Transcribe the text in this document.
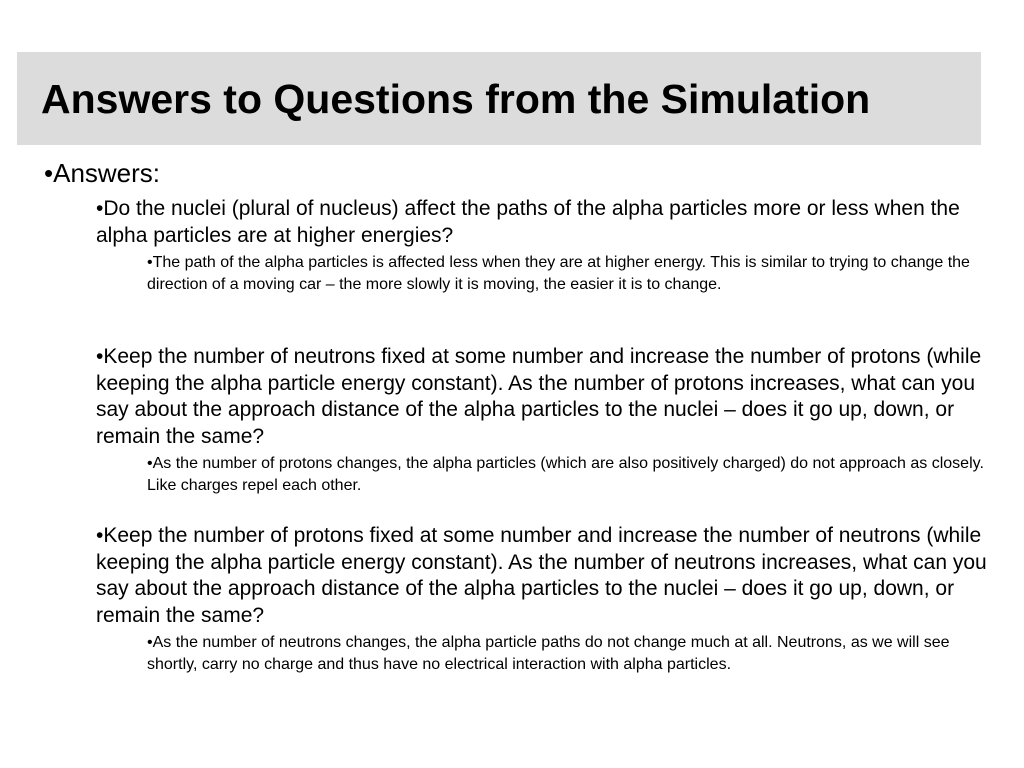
Answers to Questions from the Simulation

•Answers:

•Do the nuclei (plural of nucleus) affect the paths of the alpha particles more or less when the alpha particles are at higher energies?

•The path of the alpha particles is affected less when they are at higher energy. This is similar to trying to change the direction of a moving car – the more slowly it is moving, the easier it is to change.

•Keep the number of neutrons fixed at some number and increase the number of protons (while keeping the alpha particle energy constant). As the number of protons increases, what can you say about the approach distance of the alpha particles to the nuclei – does it go up, down, or remain the same?

•As the number of protons changes, the alpha particles (which are also positively charged) do not approach as closely. Like charges repel each other.

•Keep the number of protons fixed at some number and increase the number of neutrons (while keeping the alpha particle energy constant). As the number of neutrons increases, what can you say about the approach distance of the alpha particles to the nuclei – does it go up, down, or remain the same?

•As the number of neutrons changes, the alpha particle paths do not change much at all. Neutrons, as we will see shortly, carry no charge and thus have no electrical interaction with alpha particles.
